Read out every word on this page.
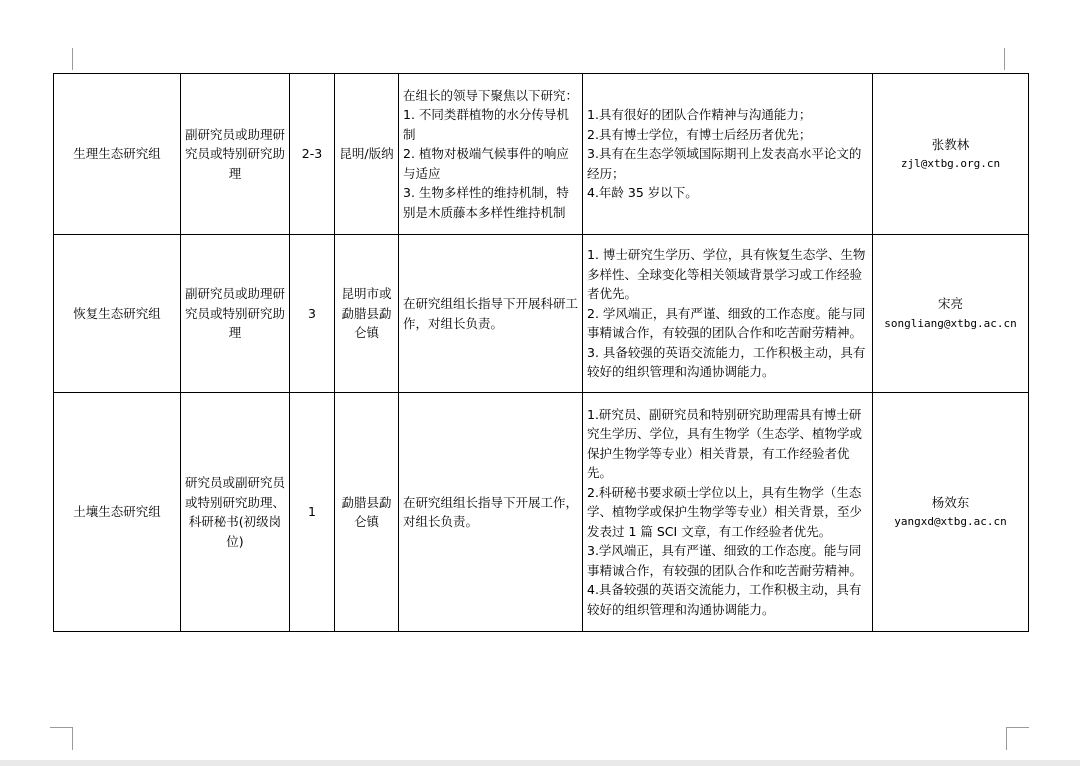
生理生态研究组	副研究员或助理研究员或特别研究助理	2-3	昆明/版纳	在组长的领导下聚焦以下研究：
1. 不同类群植物的水分传导机制
2. 植物对极端气候事件的响应与适应
3. 生物多样性的维持机制，特别是木质藤本多样性维持机制	1.具有很好的团队合作精神与沟通能力；
2.具有博士学位，有博士后经历者优先；
3.具有在生态学领域国际期刊上发表高水平论文的经历；
4.年龄 35 岁以下。	张教林
zjl@xtbg.org.cn

恢复生态研究组	副研究员或助理研究员或特别研究助理	3	昆明市或勐腊县勐仑镇	在研究组组长指导下开展科研工作，对组长负责。	1. 博士研究生学历、学位，具有恢复生态学、生物多样性、全球变化等相关领域背景学习或工作经验者优先。
2. 学风端正，具有严谨、细致的工作态度。能与同事精诚合作，有较强的团队合作和吃苦耐劳精神。
3. 具备较强的英语交流能力，工作积极主动，具有较好的组织管理和沟通协调能力。	宋亮
songliang@xtbg.ac.cn

土壤生态研究组	研究员或副研究员或特别研究助理、科研秘书(初级岗位)	1	勐腊县勐仑镇	在研究组组长指导下开展工作，对组长负责。	1.研究员、副研究员和特别研究助理需具有博士研究生学历、学位，具有生物学（生态学、植物学或保护生物学等专业）相关背景，有工作经验者优先。
2.科研秘书要求硕士学位以上，具有生物学（生态学、植物学或保护生物学等专业）相关背景，至少发表过 1 篇 SCI 文章，有工作经验者优先。
3.学风端正，具有严谨、细致的工作态度。能与同事精诚合作，有较强的团队合作和吃苦耐劳精神。
4.具备较强的英语交流能力，工作积极主动，具有较好的组织管理和沟通协调能力。	杨效东
yangxd@xtbg.ac.cn
